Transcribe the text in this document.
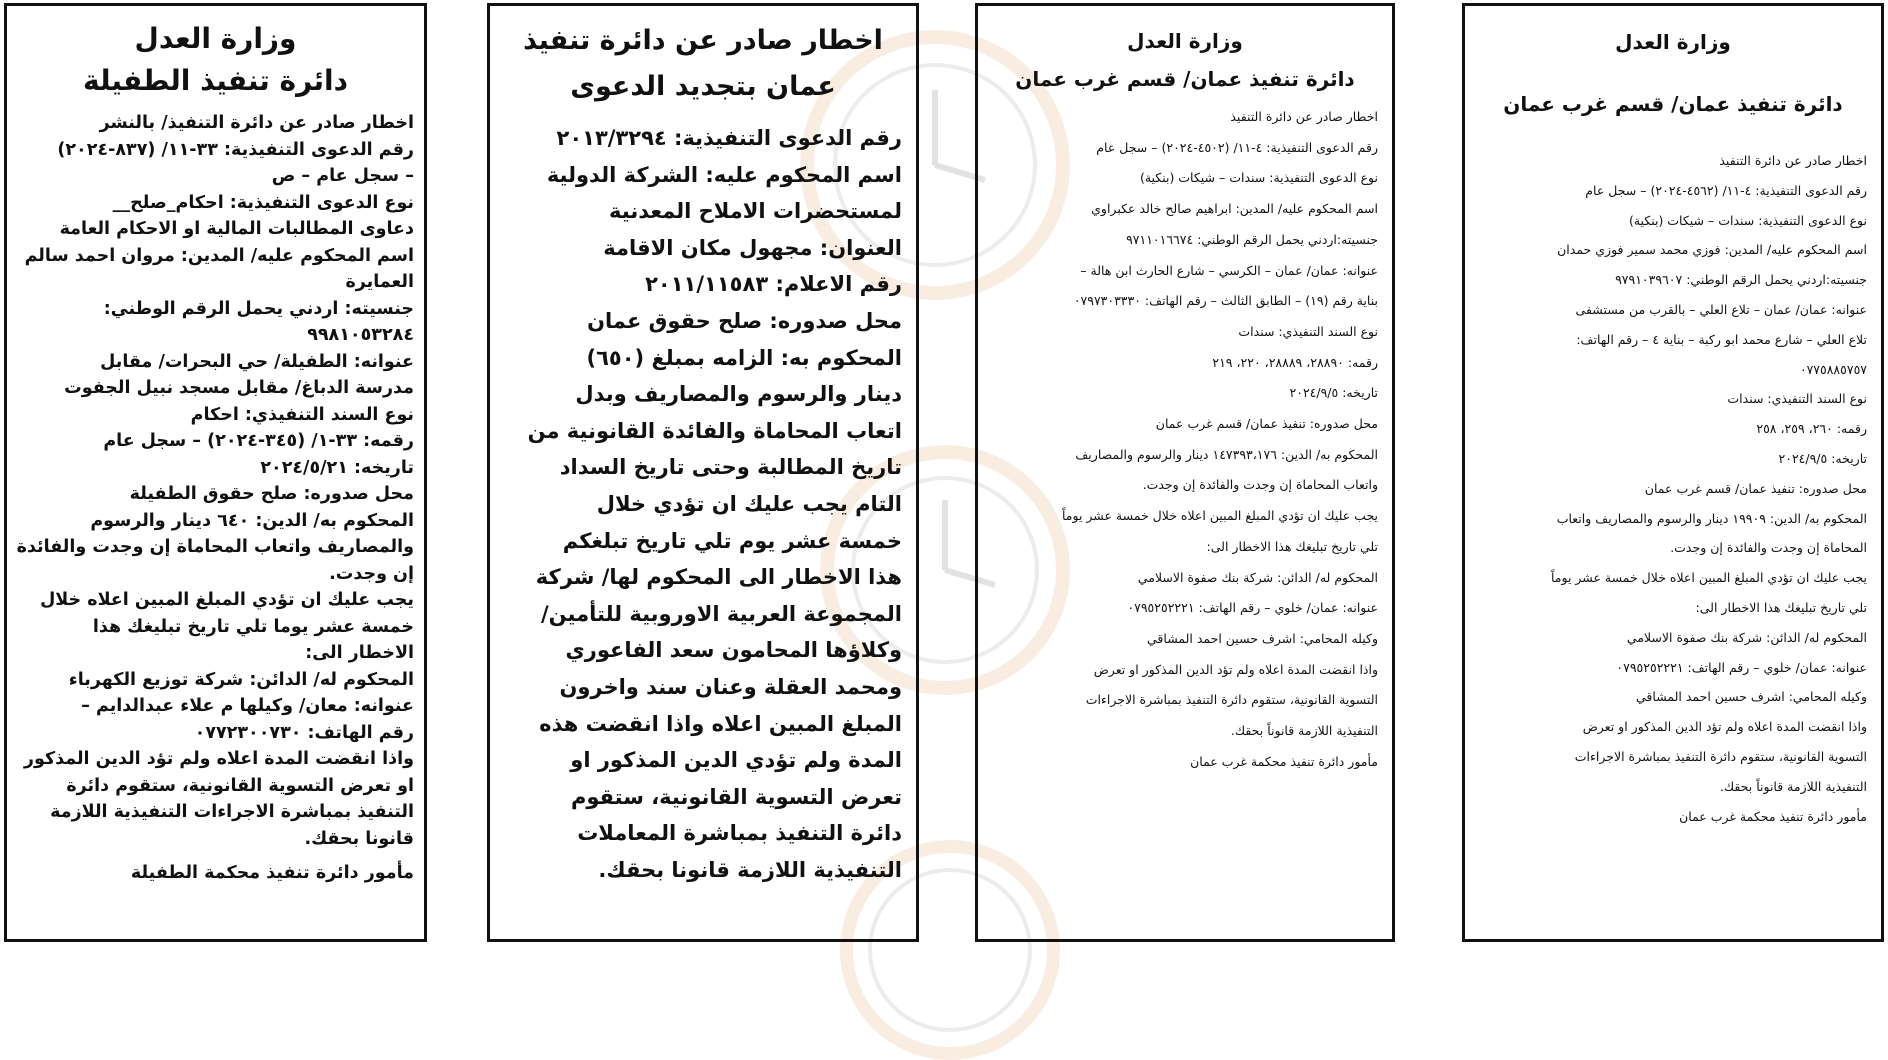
وزارة العدل

دائرة تنفيذ الطفيلة

اخطار صادر عن دائرة التنفيذ/ بالنشر

رقم الدعوى التنفيذية: ٣٣-١١/ (٨٣٧-٢٠٢٤)

– سجل عام – ص

نوع الدعوى التنفيذية: احكام_صلح__

دعاوى المطالبات المالية او الاحكام العامة

اسم المحكوم عليه/ المدين: مروان احمد سالم

العمايرة

جنسيته: اردني يحمل الرقم الوطني:

٩٩٨١٠٥٣٢٨٤

عنوانه: الطفيلة/ حي البحرات/ مقابل

مدرسة الدباغ/ مقابل مسجد نبيل الجفوت

نوع السند التنفيذي: احكام

رقمه: ٣٣-١/ (٣٤٥-٢٠٢٤) – سجل عام

تاريخه: ٢٠٢٤/٥/٢١

محل صدوره: صلح حقوق الطفيلة

المحكوم به/ الدين: ٦٤٠ دينار والرسوم

والمصاريف واتعاب المحاماة إن وجدت والفائدة

إن وجدت.

يجب عليك ان تؤدي المبلغ المبين اعلاه خلال

خمسة عشر يوما تلي تاريخ تبليغك هذا

الاخطار الى:

المحكوم له/ الدائن: شركة توزيع الكهرباء

عنوانه: معان/ وكيلها م علاء عبدالدايم –

رقم الهاتف: ٠٧٧٢٣٠٠٧٣٠

واذا انقضت المدة اعلاه ولم تؤد الدين المذكور

او تعرض التسوية القانونية، ستقوم دائرة

التنفيذ بمباشرة الاجراءات التنفيذية اللازمة

قانونا بحقك.

مأمور دائرة تنفيذ محكمة الطفيلة

اخطار صادر عن دائرة تنفيذ

عمان بتجديد الدعوى

رقم الدعوى التنفيذية: ٢٠١٣/٣٢٩٤

اسم المحكوم عليه: الشركة الدولية

لمستحضرات الاملاح المعدنية

العنوان: مجهول مكان الاقامة

رقم الاعلام: ٢٠١١/١١٥٨٣

محل صدوره: صلح حقوق عمان

المحكوم به: الزامه بمبلغ (٦٥٠)

دينار والرسوم والمصاريف وبدل

اتعاب المحاماة والفائدة القانونية من

تاريخ المطالبة وحتى تاريخ السداد

التام يجب عليك ان تؤدي خلال

خمسة عشر يوم تلي تاريخ تبلغكم

هذا الاخطار الى المحكوم لها/ شركة

المجموعة العربية الاوروبية للتأمين/

وكلاؤها المحامون سعد الفاعوري

ومحمد العقلة وعنان سند واخرون

المبلغ المبين اعلاه واذا انقضت هذه

المدة ولم تؤدي الدين المذكور او

تعرض التسوية القانونية، ستقوم

دائرة التنفيذ بمباشرة المعاملات

التنفيذية اللازمة قانونا بحقك.

وزارة العدل

دائرة تنفيذ عمان/ قسم غرب عمان

اخطار صادر عن دائرة التنفيذ

رقم الدعوى التنفيذية: ٤-١١/ (٤٥٠٢-٢٠٢٤) – سجل عام

نوع الدعوى التنفيذية: سندات – شيكات (بنكية)

اسم المحكوم عليه/ المدين: ابراهيم صالح خالد عكبراوي

جنسيته:اردني يحمل الرقم الوطني: ٩٧١١٠١٦٦٧٤

عنوانه: عمان/ عمان – الكرسي – شارع الحارث ابن هالة –

بناية رقم (١٩) – الطابق الثالث – رقم الهاتف: ٠٧٩٧٣٠٣٣٣٠

نوع السند التنفيذي: سندات

رقمه: ٢٨٨٩٠، ٢٨٨٨٩، ٢٢٠، ٢١٩

تاريخه: ٢٠٢٤/٩/٥

محل صدوره: تنفيذ عمان/ قسم غرب عمان

المحكوم به/ الدين: ١٤٧٣٩٣،١٧٦ دينار والرسوم والمصاريف

واتعاب المحاماة إن وجدت والفائدة إن وجدت.

يجب عليك ان تؤدي المبلغ المبين اعلاه خلال خمسة عشر يوماً

تلي تاريخ تبليغك هذا الاخطار الى:

المحكوم له/ الدائن: شركة بنك صفوة الاسلامي

عنوانه: عمان/ خلوي – رقم الهاتف: ٠٧٩٥٢٥٢٢٢١

وكيله المحامي: اشرف حسين احمد المشاقي

واذا انقضت المدة اعلاه ولم تؤد الدين المذكور او تعرض

التسوية القانونية، ستقوم دائرة التنفيذ بمباشرة الاجراءات

التنفيذية اللازمة قانوناً بحقك.

مأمور دائرة تنفيذ محكمة غرب عمان

وزارة العدل

دائرة تنفيذ عمان/ قسم غرب عمان

اخطار صادر عن دائرة التنفيذ

رقم الدعوى التنفيذية: ٤-١١/ (٤٥٦٢-٢٠٢٤) – سجل عام

نوع الدعوى التنفيذية: سندات – شيكات (بنكية)

اسم المحكوم عليه/ المدين: فوزي محمد سمير فوزي حمدان

جنسيته:اردني يحمل الرقم الوطني: ٩٧٩١٠٣٩٦٠٧

عنوانه: عمان/ عمان – تلاع العلي – بالقرب من مستشفى

تلاع العلي – شارع محمد ابو ركبة – بناية ٤ – رقم الهاتف:

٠٧٧٥٨٨٥٧٥٧

نوع السند التنفيذي: سندات

رقمه: ٢٦٠، ٢٥٩، ٢٥٨

تاريخه: ٢٠٢٤/٩/٥

محل صدوره: تنفيذ عمان/ قسم غرب عمان

المحكوم به/ الدين: ١٩٩٠٩ دينار والرسوم والمصاريف واتعاب

المحاماة إن وجدت والفائدة إن وجدت.

يجب عليك ان تؤدي المبلغ المبين اعلاه خلال خمسة عشر يوماً

تلي تاريخ تبليغك هذا الاخطار الى:

المحكوم له/ الدائن: شركة بنك صفوة الاسلامي

عنوانه: عمان/ خلوي – رقم الهاتف: ٠٧٩٥٢٥٢٢٢١

وكيله المحامي: اشرف حسين احمد المشاقي

واذا انقضت المدة اعلاه ولم تؤد الدين المذكور او تعرض

التسوية القانونية، ستقوم دائرة التنفيذ بمباشرة الاجراءات

التنفيذية اللازمة قانوناً بحقك.

مأمور دائرة تنفيذ محكمة غرب عمان
